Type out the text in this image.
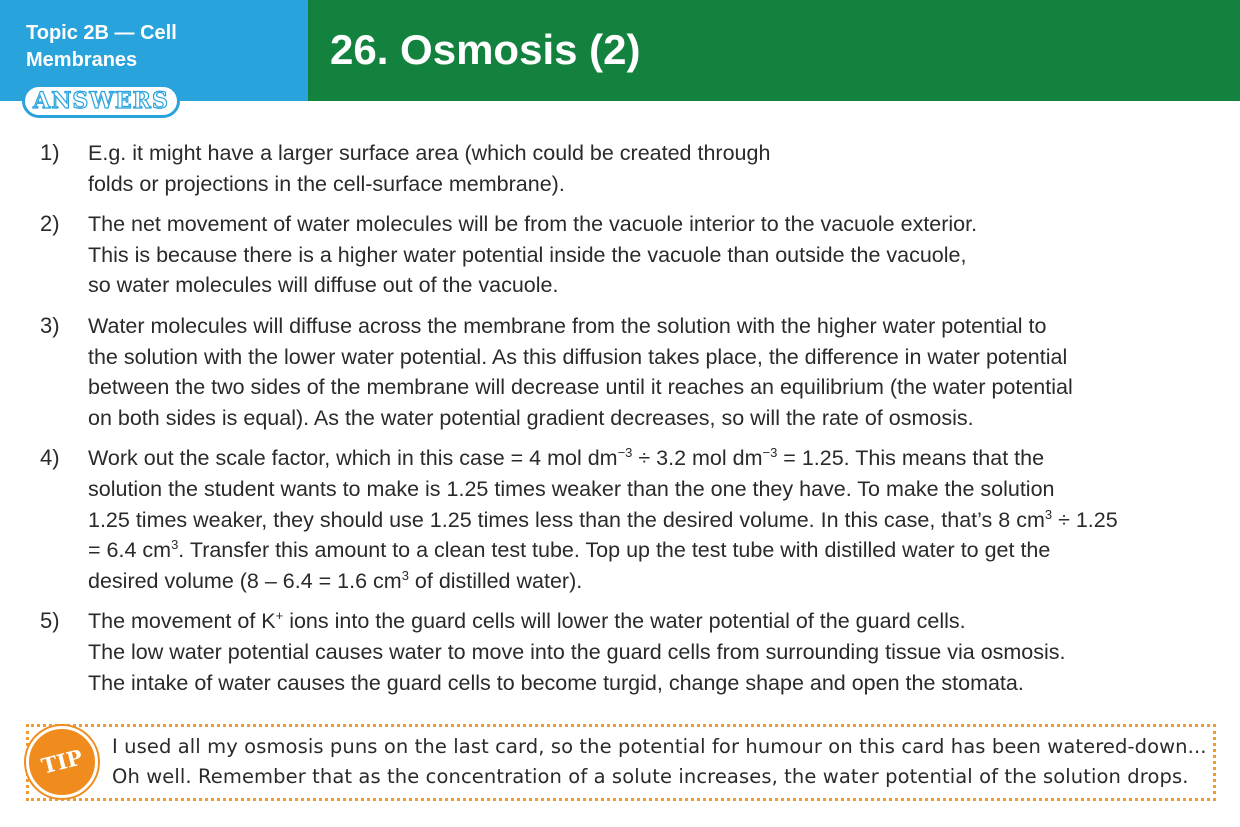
Topic 2B — Cell
Membranes	26. Osmosis (2)
ANSWERS
1) E.g. it might have a larger surface area (which could be created through
folds or projections in the cell-surface membrane).
2) The net movement of water molecules will be from the vacuole interior to the vacuole exterior.
This is because there is a higher water potential inside the vacuole than outside the vacuole,
so water molecules will diffuse out of the vacuole.
3) Water molecules will diffuse across the membrane from the solution with the higher water potential to
the solution with the lower water potential. As this diffusion takes place, the difference in water potential
between the two sides of the membrane will decrease until it reaches an equilibrium (the water potential
on both sides is equal). As the water potential gradient decreases, so will the rate of osmosis.
4) Work out the scale factor, which in this case = 4 mol $dm^{-3} \div 3.2$ mol $dm^{-3} = 1.25$. This means that the
solution the student wants to make is 1.25 times weaker than the one they have. To make the solution
1.25 times weaker, they should use 1.25 times less than the desired volume. In this case, that’s 8 $cm^3 \div 1.25$
= 6.4 $cm^3$. Transfer this amount to a clean test tube. Top up the test tube with distilled water to get the
desired volume (8 – 6.4 = 1.6 $cm^3$ of distilled water).
5) The movement of K+ ions into the guard cells will lower the water potential of the guard cells.
The low water potential causes water to move into the guard cells from surrounding tissue via osmosis.
The intake of water causes the guard cells to become turgid, change shape and open the stomata.
TIP	I used all my osmosis puns on the last card, so the potential for humour on this card has been watered-down...
Oh well. Remember that as the concentration of a solute increases, the water potential of the solution drops.
